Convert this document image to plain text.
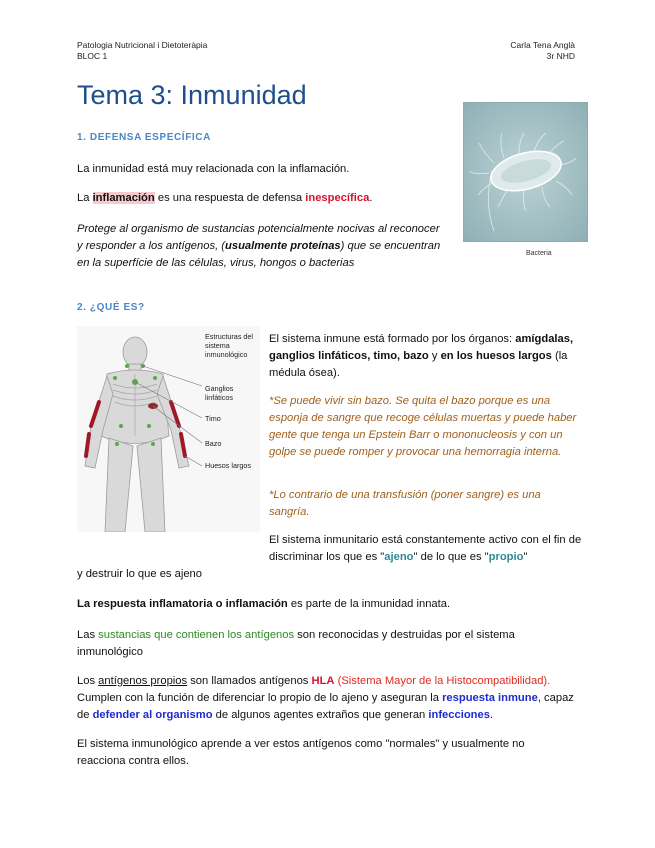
Patologia Nutricional i Dietoteràpia
BLOC 1
Carla Tena Anglà
3r NHD
Tema 3: Inmunidad
Bacteria
1. DEFENSA ESPECÍFICA
La inmunidad está muy relacionada con la inflamación.
La inflamación es una respuesta de defensa inespecífica.
Protege al organismo de sustancias potencialmente nocivas al reconocer y responder a los antígenos, (usualmente proteínas) que se encuentran en la superfície de las células, virus, hongos o bacterias
2. ¿QUÉ ES?
Estructuras del sistema inmunológico
Ganglios linfáticos
Timo
Bazo
Huesos largos
El sistema inmune está formado por los órganos: amígdalas, ganglios linfáticos, timo, bazo y en los huesos largos (la médula ósea).
*Se puede vivir sin bazo. Se quita el bazo porque es una esponja de sangre que recoge células muertas y puede haber gente que tenga un Epstein Barr o mononucleosis y con un golpe se puede romper y provocar una hemorragia interna.
*Lo contrario de una transfusión (poner sangre) es una sangría.
El sistema inmunitario está constantemente activo con el fin de discriminar los que es "ajeno" de lo que es "propio"
y destruir lo que es ajeno
La respuesta inflamatoria o inflamación es parte de la inmunidad innata.
Las sustancias que contienen los antígenos son reconocidas y destruidas por el sistema inmunológico
Los antígenos propios son llamados antígenos HLA (Sistema Mayor de la Histocompatibilidad). Cumplen con la función de diferenciar lo propio de lo ajeno y aseguran la respuesta inmune, capaz de defender al organismo de algunos agentes extraños que generan infecciones.
El sistema inmunológico aprende a ver estos antígenos como "normales" y usualmente no reacciona contra ellos.
